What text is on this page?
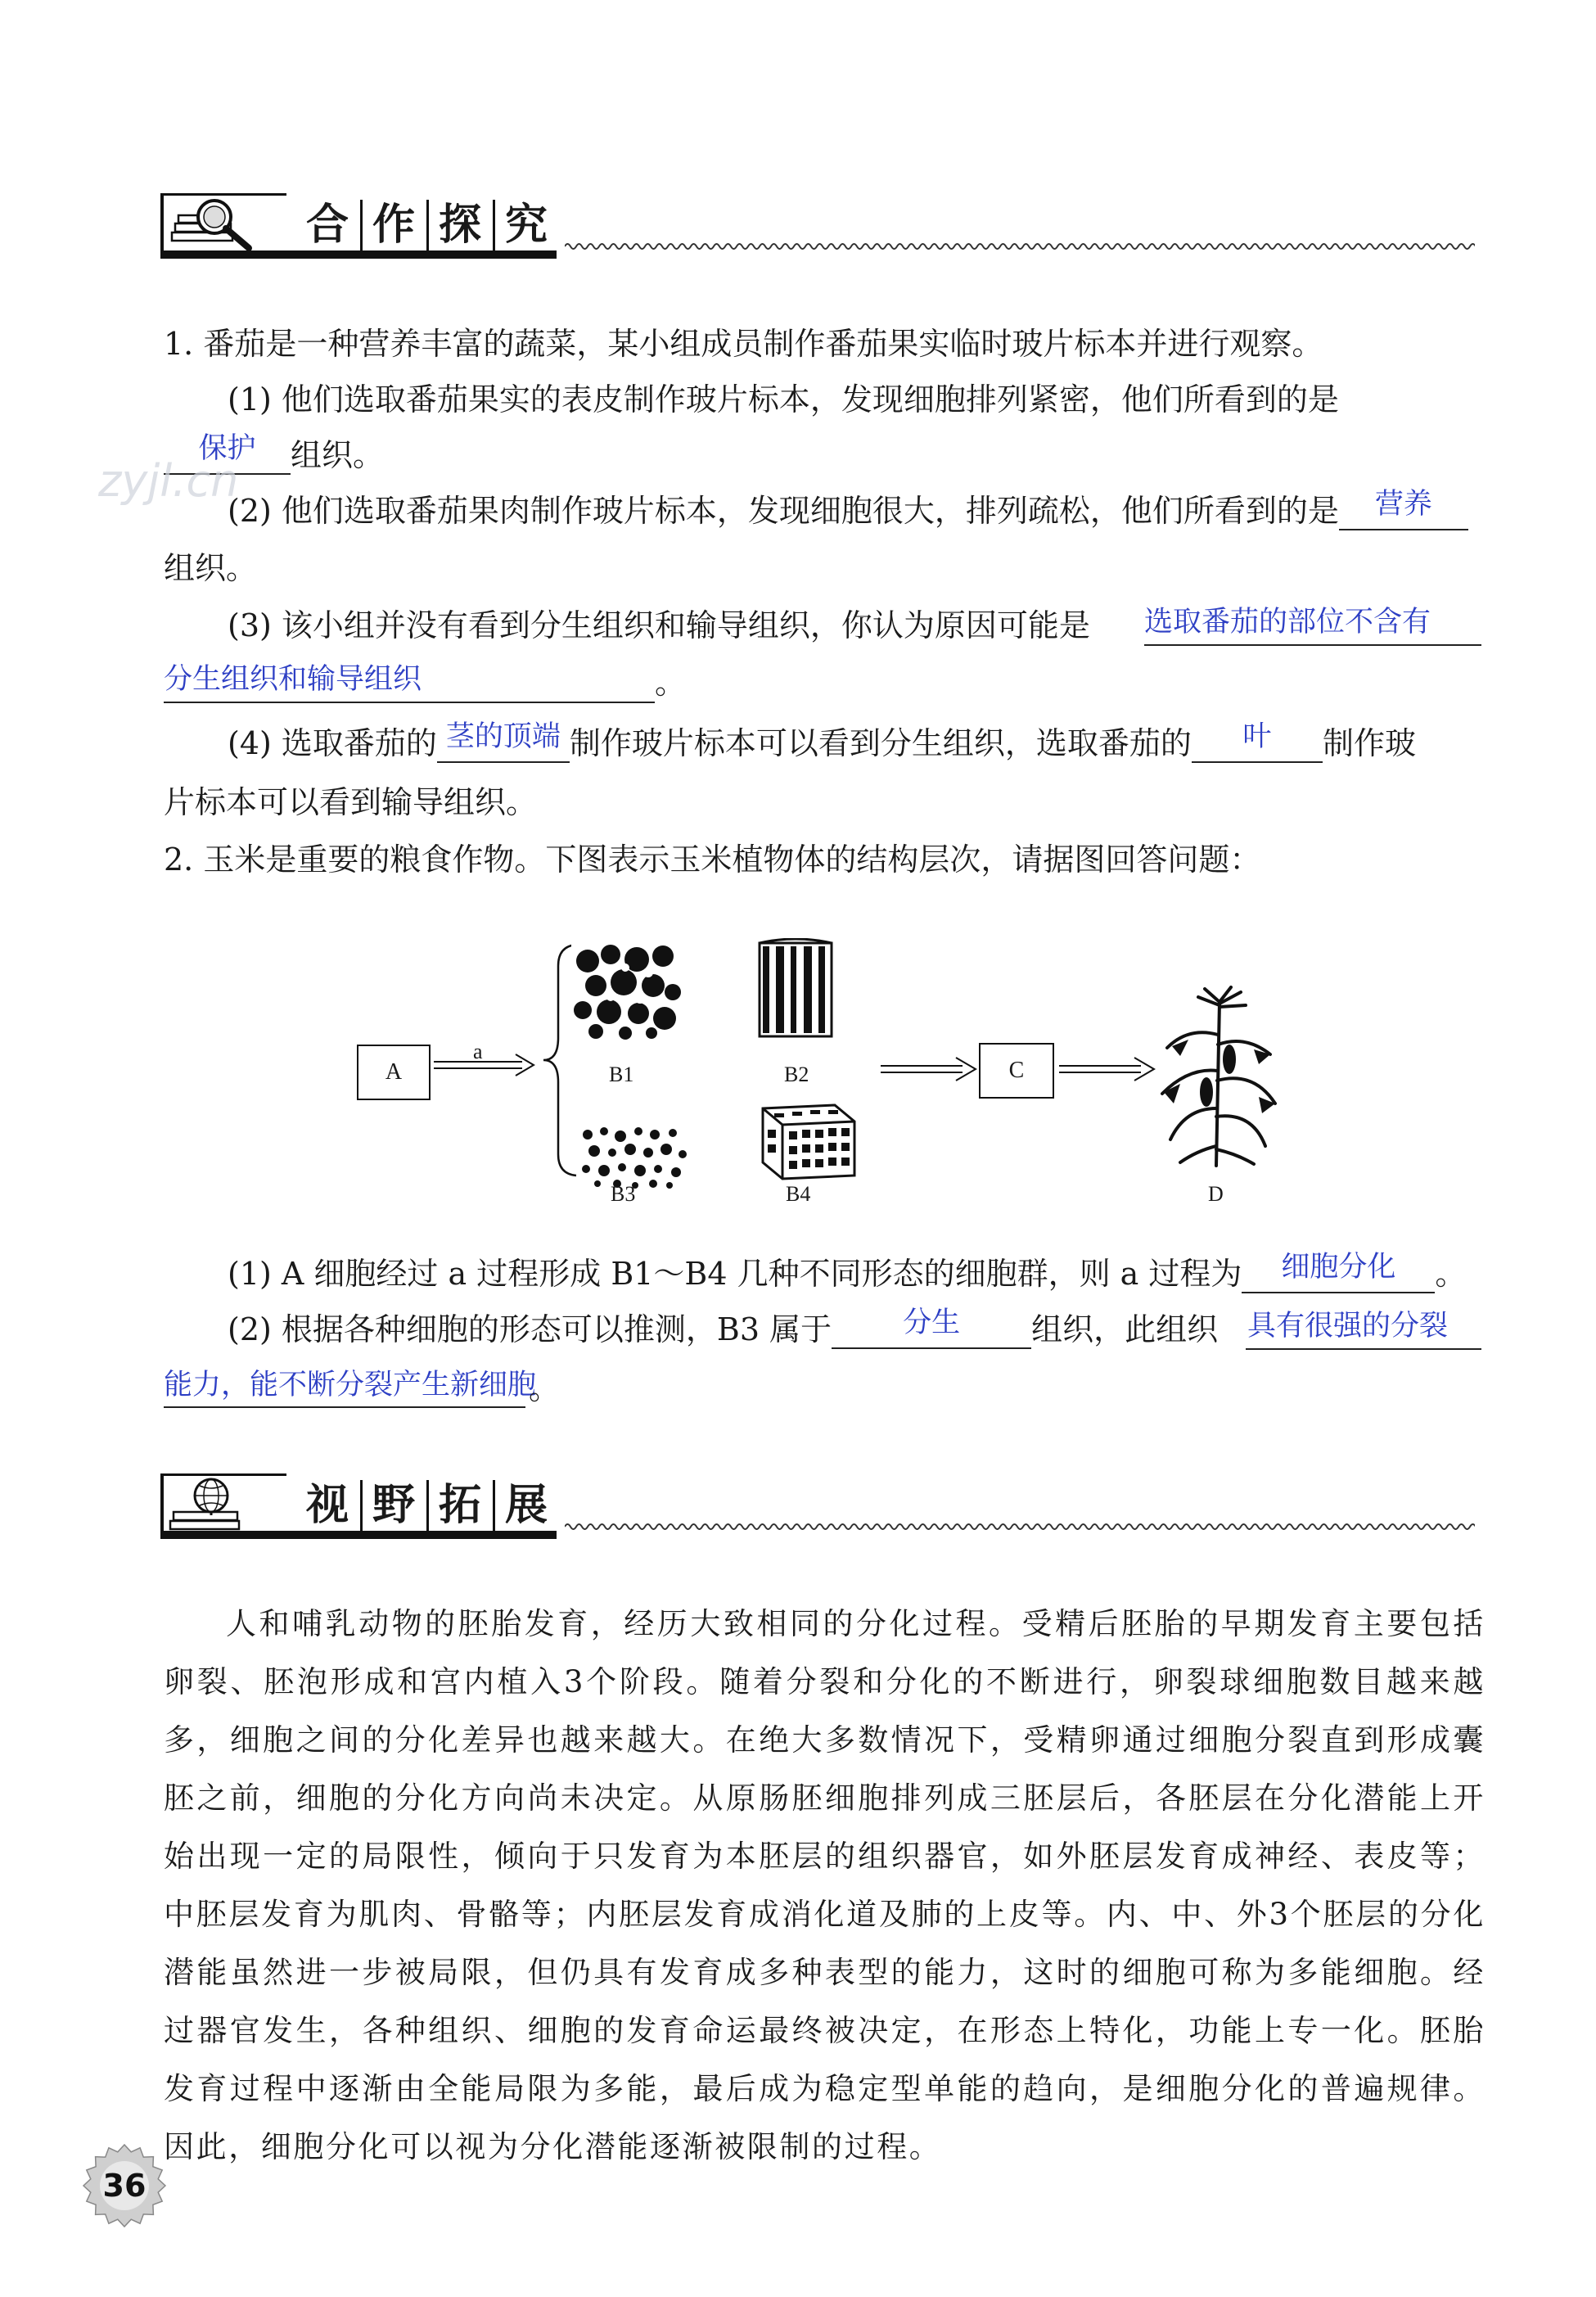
合 作 探 究
1. 番茄是一种营养丰富的蔬菜，某小组成员制作番茄果实临时玻片标本并进行观察。
(1) 他们选取番茄果实的表皮制作玻片标本，发现细胞排列紧密，他们所看到的是
保护 组织。
(2) 他们选取番茄果肉制作玻片标本，发现细胞很大，排列疏松，他们所看到的是 营养
组织。
(3) 该小组并没有看到分生组织和输导组织，你认为原因可能是	选取番茄的部位不含有
分生组织和输导组织	。
(4) 选取番茄的 茎的顶端 制作玻片标本可以看到分生组织，选取番茄的 叶 制作玻
片标本可以看到输导组织。
2. 玉米是重要的粮食作物。下图表示玉米植物体的结构层次，请据图回答问题：
A
a
B1	B2
B3	B4
C
D
(1) A 细胞经过 a 过程形成 B1～B4 几种不同形态的细胞群，则 a 过程为 细胞分化 。
(2) 根据各种细胞的形态可以推测，B3 属于 分生 组织，此组织	具有很强的分裂
能力，能不断分裂产生新细胞
。
视 野 拓 展
人和哺乳动物的胚胎发育，经历大致相同的分化过程。受精后胚胎的早期发育主要包括卵裂、胚泡形成和宫内植入3个阶段。随着分裂和分化的不断进行，卵裂球细胞数目越来越多，细胞之间的分化差异也越来越大。在绝大多数情况下，受精卵通过细胞分裂直到形成囊胚之前，细胞的分化方向尚未决定。从原肠胚细胞排列成三胚层后，各胚层在分化潜能上开始出现一定的局限性，倾向于只发育为本胚层的组织器官，如外胚层发育成神经、表皮等；中胚层发育为肌肉、骨骼等；内胚层发育成消化道及肺的上皮等。内、中、外3个胚层的分化潜能虽然进一步被局限，但仍具有发育成多种表型的能力，这时的细胞可称为多能细胞。经过器官发生，各种组织、细胞的发育命运最终被决定，在形态上特化，功能上专一化。胚胎发育过程中逐渐由全能局限为多能，最后成为稳定型单能的趋向，是细胞分化的普遍规律。因此，细胞分化可以视为分化潜能逐渐被限制的过程。
zyjl.cn
36
